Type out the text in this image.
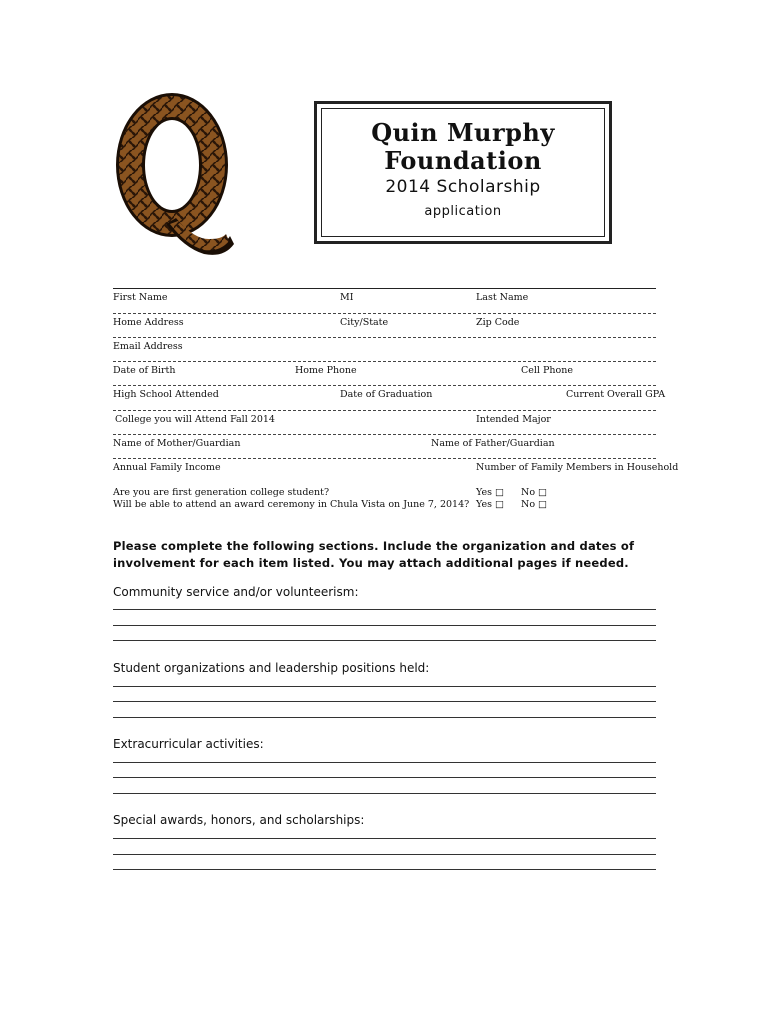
Quin Murphy
Foundation
2014 Scholarship
application
First Name	MI	Last Name
Home Address	City/State	Zip Code
Email Address
Date of Birth	Home Phone	Cell Phone
High School Attended	Date of Graduation	Current Overall GPA
College you will Attend Fall 2014	Intended Major
Name of Mother/Guardian	Name of Father/Guardian
Annual Family Income	Number of Family Members in Household
Are you are first generation college student?	Yes □ No □
Will be able to attend an award ceremony in Chula Vista on June 7, 2014? Yes □ No □
Please complete the following sections. Include the organization and dates of involvement for each item listed. You may attach additional pages if needed.
Community service and/or volunteerism:
Student organizations and leadership positions held:
Extracurricular activities:
Special awards, honors, and scholarships:
